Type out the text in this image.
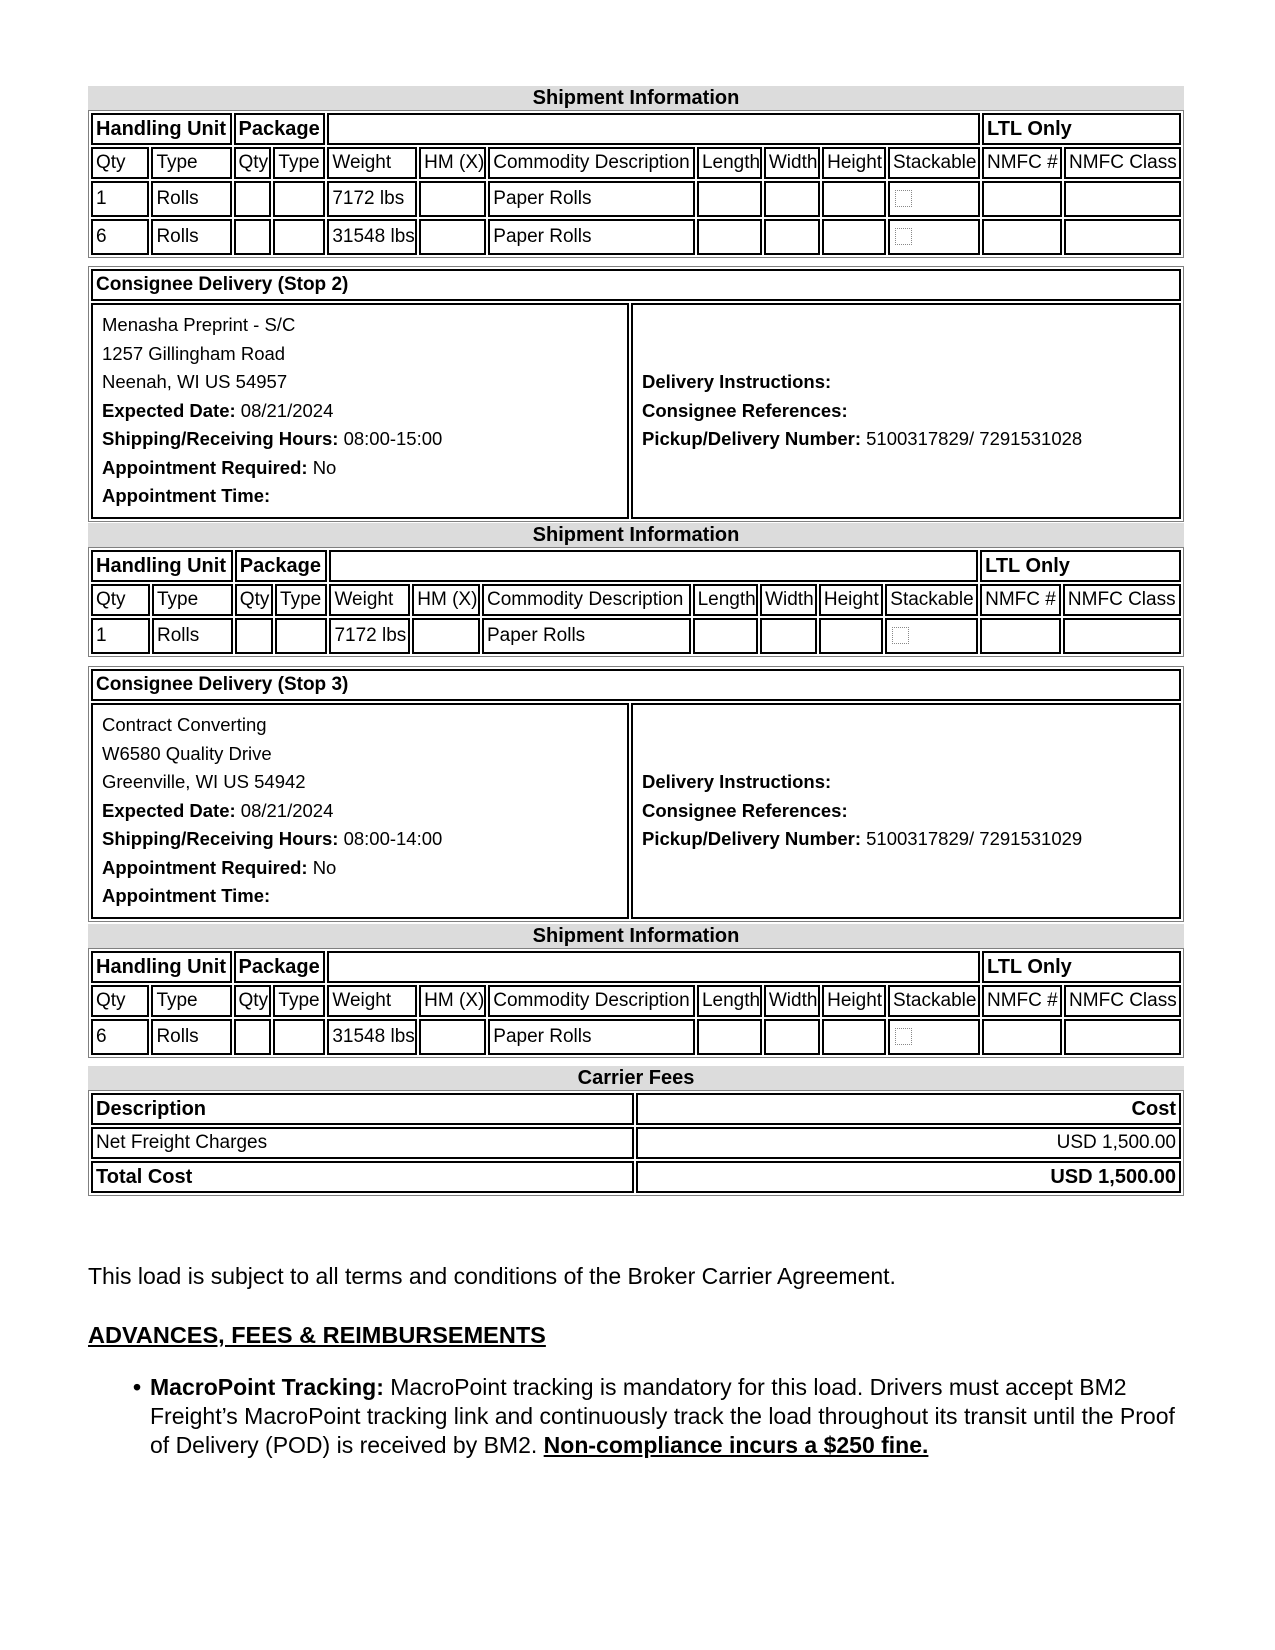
Shipment Information
Handling Unit		Package									LTL Only	
Qty	Type	Qty	Type	Weight	HM (X)	Commodity Description	Length	Width	Height	Stackable	NMFC #	NMFC Class
1	Rolls			7172 lbs		Paper Rolls						
6	Rolls			31548 lbs		Paper Rolls						
Consignee Delivery (Stop 2)

Menasha Preprint - S/C
1257 Gillingham Road
Neenah, WI US 54957
Expected Date: 08/21/2024
Shipping/Receiving Hours: 08:00-15:00
Appointment Required: No
Appointment Time:

Delivery Instructions:
Consignee References:
Pickup/Delivery Number: 5100317829/ 7291531028
Shipment Information
Handling Unit		Package									LTL Only	
Qty	Type	Qty	Type	Weight	HM (X)	Commodity Description	Length	Width	Height	Stackable	NMFC #	NMFC Class
1	Rolls			7172 lbs		Paper Rolls						
Consignee Delivery (Stop 3)

Contract Converting
W6580 Quality Drive
Greenville, WI US 54942
Expected Date: 08/21/2024
Shipping/Receiving Hours: 08:00-14:00
Appointment Required: No
Appointment Time:

Delivery Instructions:
Consignee References:
Pickup/Delivery Number: 5100317829/ 7291531029
Shipment Information
Handling Unit		Package									LTL Only	
Qty	Type	Qty	Type	Weight	HM (X)	Commodity Description	Length	Width	Height	Stackable	NMFC #	NMFC Class
6	Rolls			31548 lbs		Paper Rolls						
Carrier Fees
Description	Cost
Net Freight Charges	USD 1,500.00
Total Cost	USD 1,500.00
This load is subject to all terms and conditions of the Broker Carrier Agreement.
ADVANCES, FEES & REIMBURSEMENTS
• MacroPoint Tracking: MacroPoint tracking is mandatory for this load. Drivers must accept BM2 Freight’s MacroPoint tracking link and continuously track the load throughout its transit until the Proof of Delivery (POD) is received by BM2. Non-compliance incurs a $250 fine.
